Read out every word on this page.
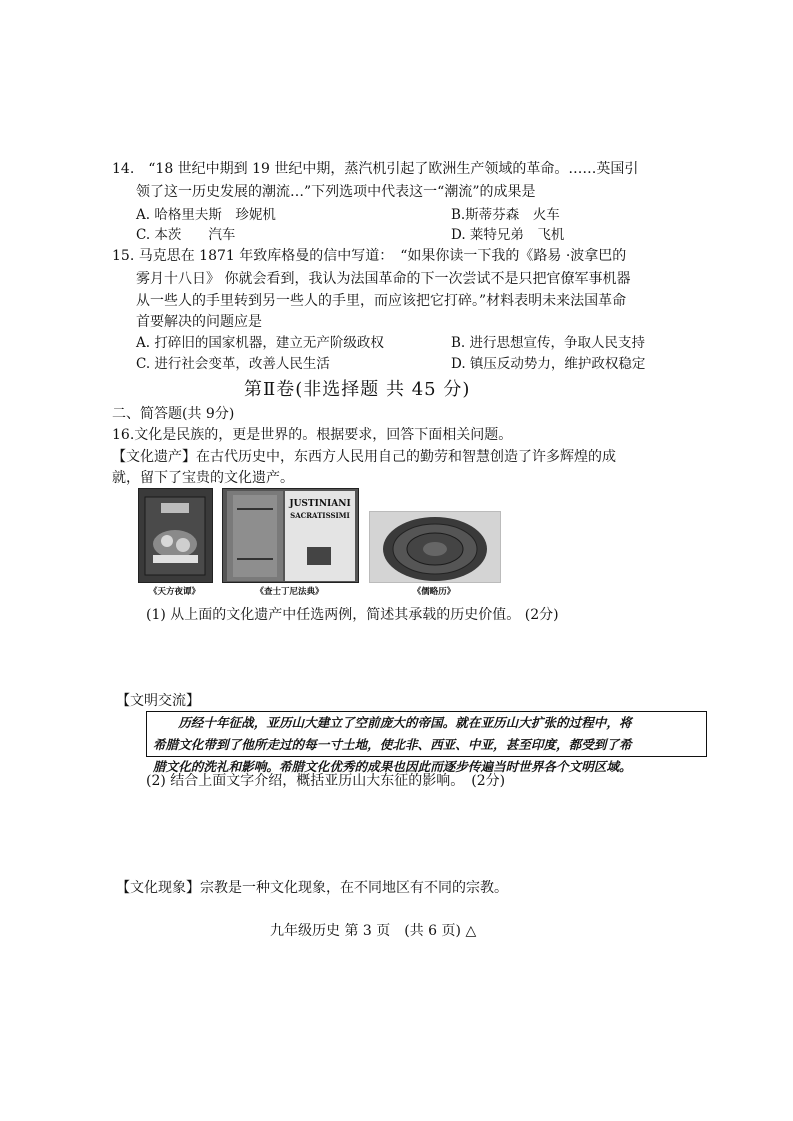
14.　“18 世纪中期到 19 世纪中期，蒸汽机引起了欧洲生产领域的革命。……英国引
领了这一历史发展的潮流…”下列选项中代表这一“潮流”的成果是
A. 哈格里夫斯　珍妮机	B.斯蒂芬森　火车
C. 本茨　　汽车	D. 莱特兄弟　飞机
15. 马克思在 1871 年致库格曼的信中写道：　“如果你读一下我的《路易 ·波拿巴的
雾月十八日》 你就会看到，我认为法国革命的下一次尝试不是只把官僚军事机器
从一些人的手里转到另一些人的手里，而应该把它打碎。”材料表明未来法国革命
首要解决的问题应是
A. 打碎旧的国家机器，建立无产阶级政权	B. 进行思想宣传，争取人民支持
C. 进行社会变革，改善人民生活	D. 镇压反动势力，维护政权稳定
第Ⅱ卷(非选择题 共 45 分)
二、简答题(共 9分)
16.文化是民族的，更是世界的。根据要求，回答下面相关问题。
【文化遗产】在古代历史中，东西方人民用自己的勤劳和智慧创造了许多辉煌的成
就，留下了宝贵的文化遗产。
《天方夜谭》
JUSTINIANI
SACRATISSIMI
《查士丁尼法典》	《儒略历》
(1) 从上面的文化遗产中任选两例，简述其承载的历史价值。 (2分)
【文明交流】
　　历经十年征战，亚历山大建立了空前庞大的帝国。就在亚历山大扩张的过程中，将
希腊文化带到了他所走过的每一寸土地，使北非、西亚、中亚，甚至印度，都受到了希
腊文化的洗礼和影响。希腊文化优秀的成果也因此而逐步传遍当时世界各个文明区域。
(2) 结合上面文字介绍，概括亚历山大东征的影响。　(2分)
【文化现象】宗教是一种文化现象，在不同地区有不同的宗教。
九年级历史 第 3 页　(共 6 页) △
